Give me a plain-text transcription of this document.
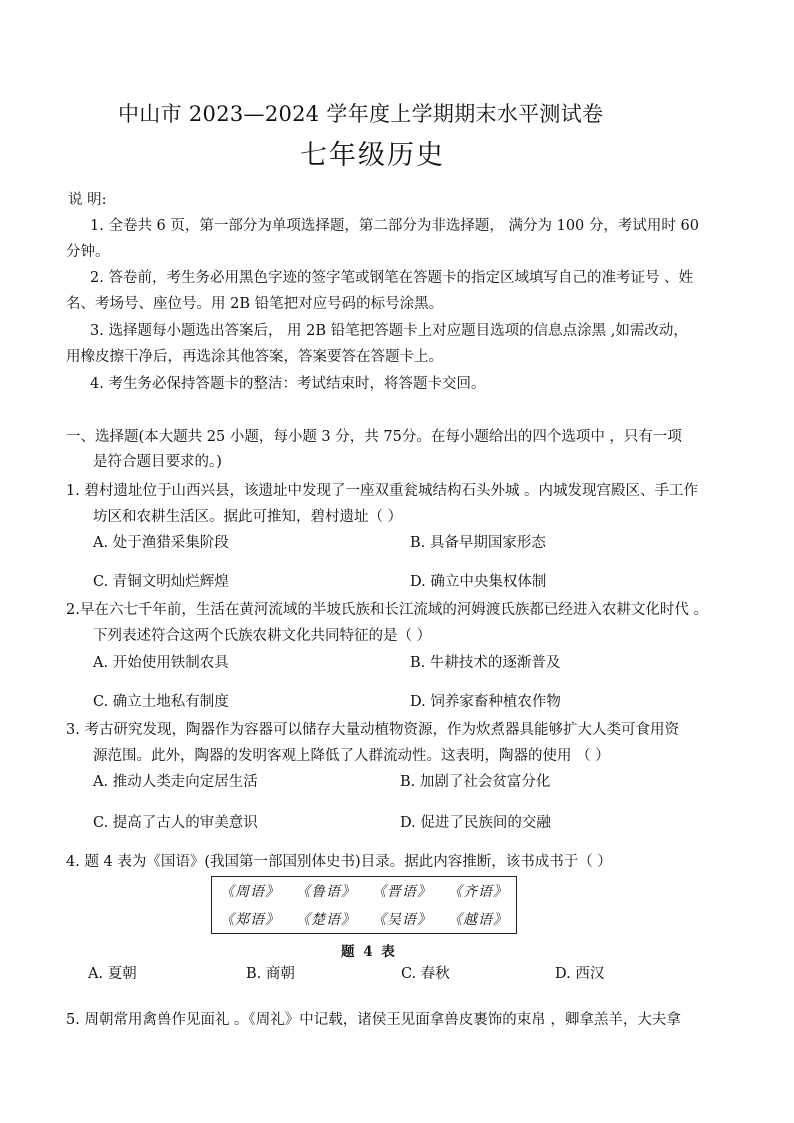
中山市 2023—2024 学年度上学期期末水平测试卷
七年级历史
说 明:
1. 全卷共 6 页，第一部分为单项选择题，第二部分为非选择题， 满分为 100 分，考试用时 60
分钟。
2. 答卷前，考生务必用黑色字迹的签字笔或钢笔在答题卡的指定区域填写自己的准考证号 、姓
名、考场号、座位号。用 2B 铅笔把对应号码的标号涂黑。
3. 选择题每小题选出答案后， 用 2B 铅笔把答题卡上对应题目选项的信息点涂黑 ,如需改动，
用橡皮擦干净后，再选涂其他答案，答案要答在答题卡上。
4. 考生务必保持答题卡的整洁：考试结束时，将答题卡交回。
一、选择题(本大题共 25 小题，每小题 3 分，共 75分。在每小题给出的四个选项中 ，只有一项
是符合题目要求的。)
1. 碧村遗址位于山西兴县，该遗址中发现了一座双重瓮城结构石头外城 。内城发现宫殿区、手工作
坊区和农耕生活区。据此可推知，碧村遗址（ ）
A. 处于渔猎采集阶段	B. 具备早期国家形态
C. 青铜文明灿烂辉煌	D. 确立中央集权体制
2.早在六七千年前，生活在黄河流域的半坡氏族和长江流域的河姆渡氏族都已经进入农耕文化时代 。
下列表述符合这两个氏族农耕文化共同特征的是（ ）
A. 开始使用铁制农具	B. 牛耕技术的逐渐普及
C. 确立土地私有制度	D. 饲养家畜种植农作物
3. 考古研究发现，陶器作为容器可以储存大量动植物资源，作为炊煮器具能够扩大人类可食用资
源范围。此外，陶器的发明客观上降低了人群流动性。这表明，陶器的使用 （ ）
A. 推动人类走向定居生活	B. 加剧了社会贫富分化
C. 提高了古人的审美意识	D. 促进了民族间的交融
4. 题 4 表为《国语》(我国第一部国别体史书)目录。据此内容推断，该书成书于（ ）
《周语》	《鲁语》	《晋语》	《齐语》
《郑语》	《楚语》	《吴语》	《越语》
题 4 表
A. 夏朝	B. 商朝	C. 春秋	D. 西汉
5. 周朝常用禽兽作见面礼 。《周礼》中记载，诸侯王见面拿兽皮裹饰的束帛 ，卿拿羔羊，大夫拿
